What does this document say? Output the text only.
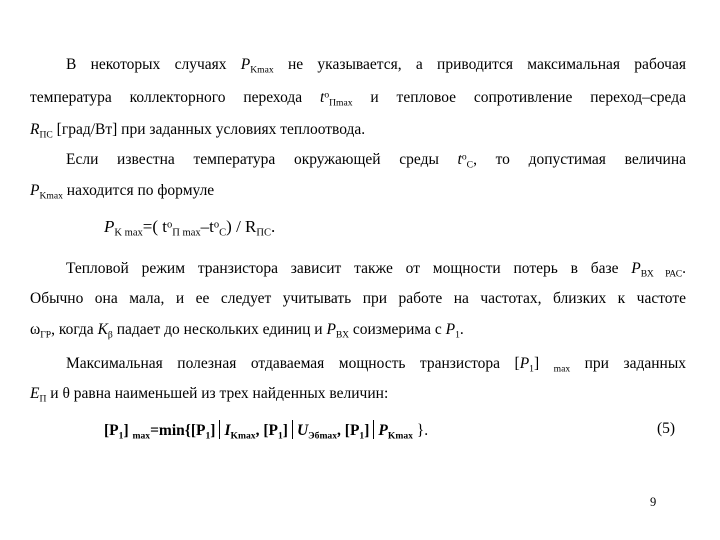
В некоторых случаях $P_{Kmax}$ не указывается, а приводится максимальная рабочая
температура коллекторного перехода $t^o_{Пmax}$ и тепловое сопротивление переход–среда
$R_{ПС}$ [град/Вт] при заданных условиях теплоотвода.
Если известна температура окружающей среды $t^o_С$, то допустимая величина
$P_{Kmax}$ находится по формуле
$P_{K max}=$( $t^o_{П max}-t^o_С) / R_{ПС}$.
Тепловой режим транзистора зависит также от мощности потерь в базе $P_{ВХ РАС}$.
Обычно она мала, и ее следует учитывать при работе на частотах, близких к частоте
$\omega_{ГР}$, когда $K_\beta$ падает до нескольких единиц и $P_{ВХ}$ соизмерима с $P_1$.
Максимальная полезная отдаваемая мощность транзистора $[P_1]$ $_{max}$ при заданных
$E_П$ и θ равна наименьшей из трех найденных величин:
$[P_1]$ $_{max}=\min\{[P_1]$ $I_{Kmax}$, $[P_1]$ $U_{Эбmax}$, $[P_1]$ $P_{Kmax}$ }.	(5)
9
